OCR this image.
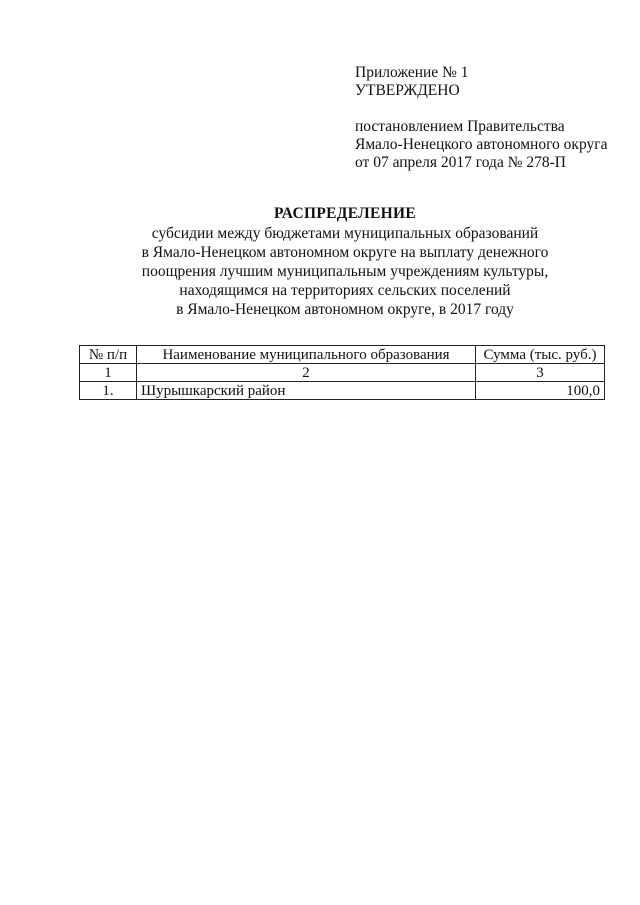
Приложение № 1
УТВЕРЖДЕНО
постановлением Правительства
Ямало-Ненецкого автономного округа
от 07 апреля 2017 года № 278-П
РАСПРЕДЕЛЕНИЕ
субсидии между бюджетами муниципальных образований
в Ямало-Ненецком автономном округе на выплату денежного
поощрения лучшим муниципальным учреждениям культуры,
находящимся на территориях сельских поселений
в Ямало-Ненецком автономном округе, в 2017 году
№ п/п	Наименование муниципального образования	Сумма (тыс. руб.)
1	2	3
1.	Шурышкарский район	100,0
